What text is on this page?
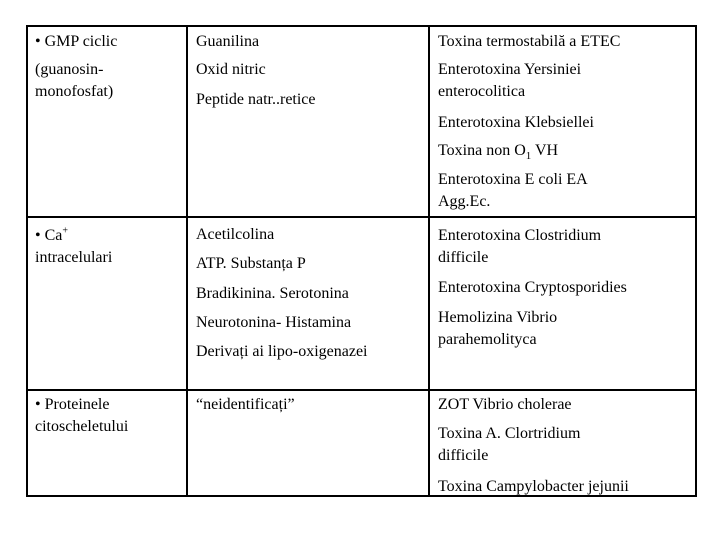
• GMP ciclic
(guanosin-
monofosfat)
Guanilina
Oxid nitric
Peptide natr..retice
Toxina termostabilă a ETEC
Enterotoxina Yersiniei
enterocolitica
Enterotoxina Klebsiellei
Toxina non $O_1$ VH
Enterotoxina E coli EA
Agg.Ec.
• Ca+
intracelulari
Acetilcolina
ATP. Substanța P
Bradikinina. Serotonina
Neurotonina- Histamina
Derivați ai lipo-oxigenazei
Enterotoxina Clostridium
difficile
Enterotoxina Cryptosporidies
Hemolizina Vibrio
parahemolityca
• Proteinele
citoscheletului
“neidentificați”	ZOT Vibrio cholerae
Toxina A. Clortridium
difficile
Toxina Campylobacter jejunii
